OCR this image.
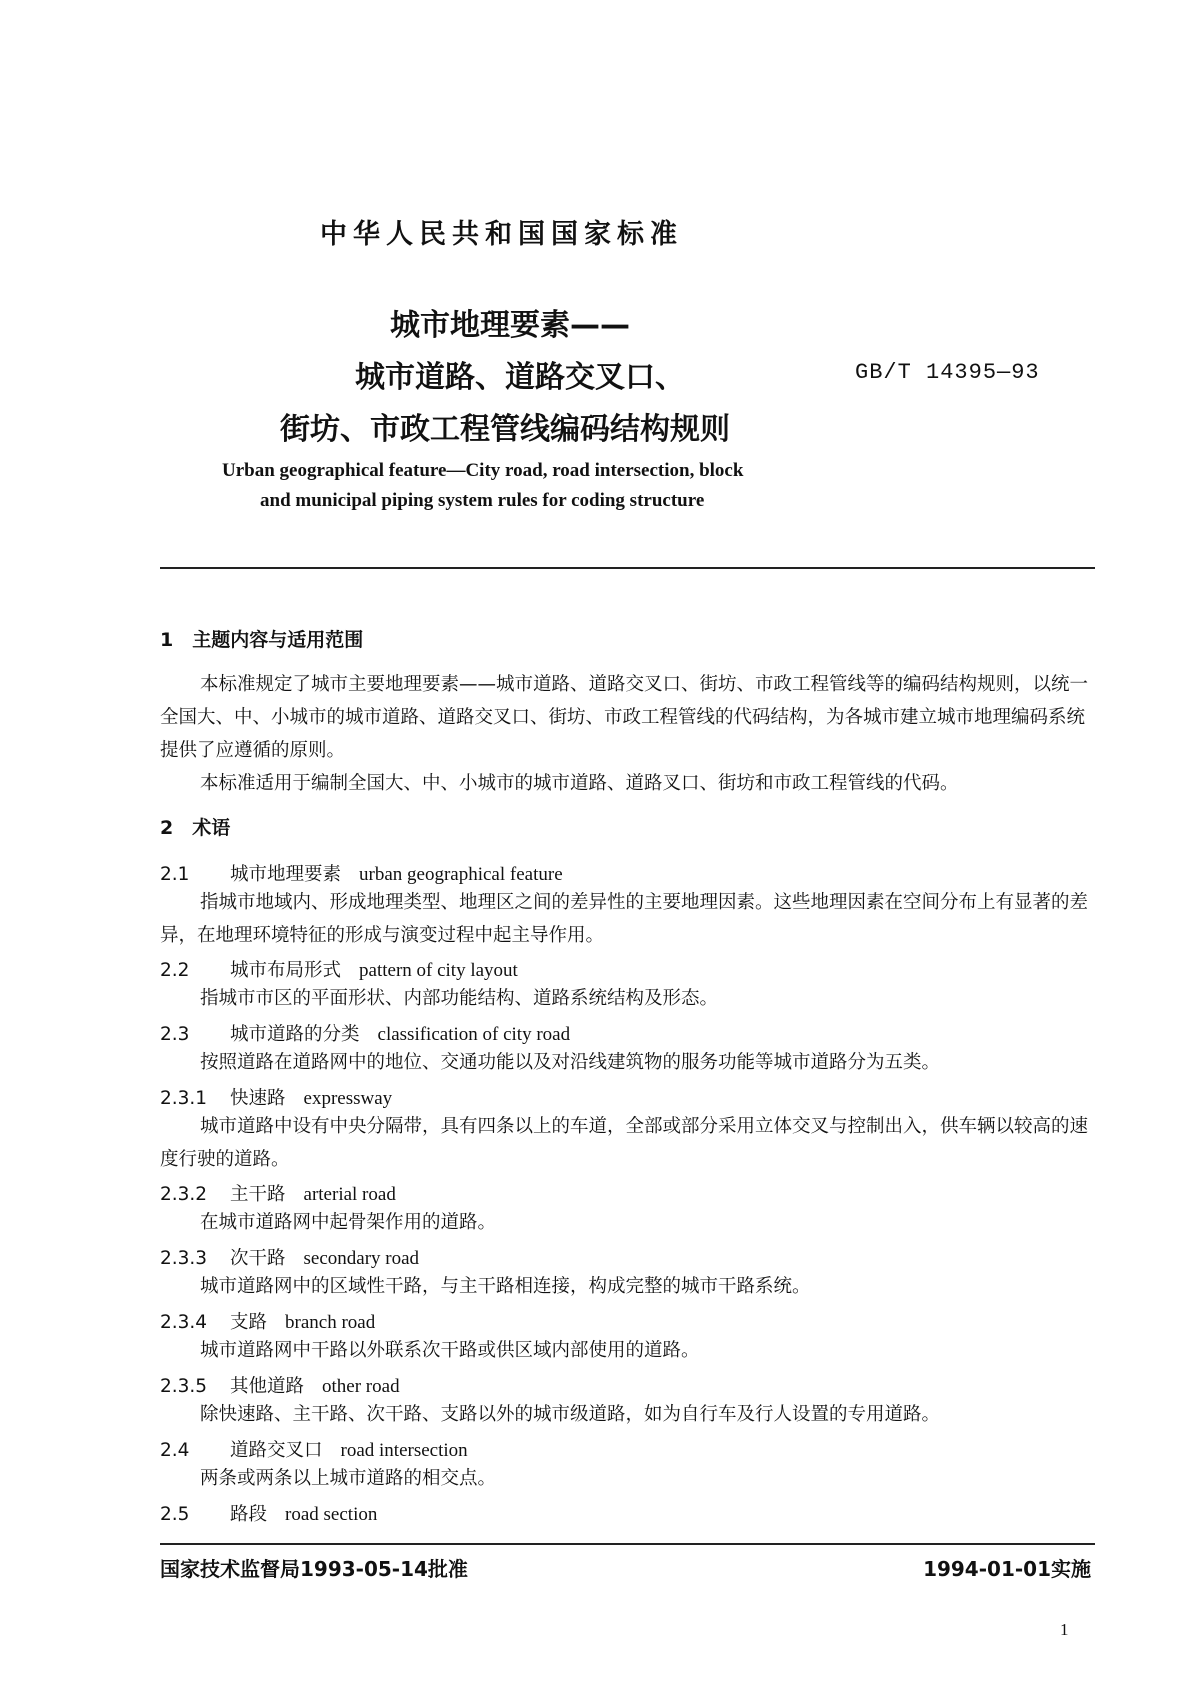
中华人民共和国国家标准
城市地理要素——
城市道路、道路交叉口、
街坊、市政工程管线编码结构规则
GB/T 14395—93
Urban geographical feature—City road, road intersection, block
and municipal piping system rules for coding structure
1　主题内容与适用范围
本标准规定了城市主要地理要素——城市道路、道路交叉口、街坊、市政工程管线等的编码结构规则，以统一全国大、中、小城市的城市道路、道路交叉口、街坊、市政工程管线的代码结构，为各城市建立城市地理编码系统提供了应遵循的原则。
本标准适用于编制全国大、中、小城市的城市道路、道路叉口、街坊和市政工程管线的代码。
2　术语
2.1 城市地理要素 urban geographical feature
指城市地域内、形成地理类型、地理区之间的差异性的主要地理因素。这些地理因素在空间分布上有显著的差异，在地理环境特征的形成与演变过程中起主导作用。
2.2 城市布局形式 pattern of city layout
指城市市区的平面形状、内部功能结构、道路系统结构及形态。
2.3 城市道路的分类 classification of city road
按照道路在道路网中的地位、交通功能以及对沿线建筑物的服务功能等城市道路分为五类。
2.3.1 快速路 expressway
城市道路中设有中央分隔带，具有四条以上的车道，全部或部分采用立体交叉与控制出入，供车辆以较高的速度行驶的道路。
2.3.2 主干路 arterial road
在城市道路网中起骨架作用的道路。
2.3.3 次干路 secondary road
城市道路网中的区域性干路，与主干路相连接，构成完整的城市干路系统。
2.3.4 支路 branch road
城市道路网中干路以外联系次干路或供区域内部使用的道路。
2.3.5 其他道路 other road
除快速路、主干路、次干路、支路以外的城市级道路，如为自行车及行人设置的专用道路。
2.4 道路交叉口 road intersection
两条或两条以上城市道路的相交点。
2.5 路段 road section
国家技术监督局1993-05-14批准	1994-01-01实施
1
